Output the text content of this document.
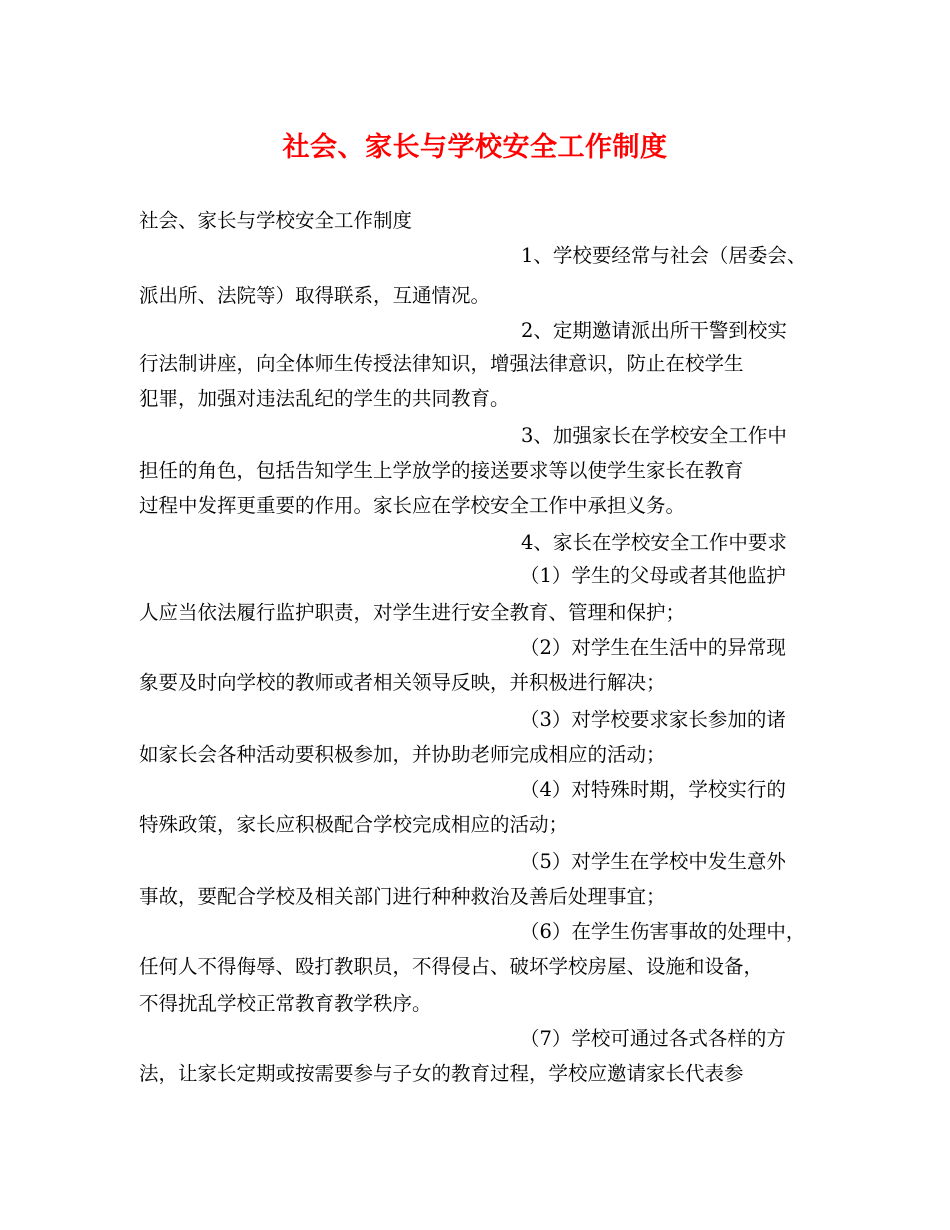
社会、家长与学校安全工作制度
社会、家长与学校安全工作制度
1、学校要经常与社会（居委会、
派出所、法院等）取得联系，互通情况。
2、定期邀请派出所干警到校实
行法制讲座，向全体师生传授法律知识，增强法律意识，防止在校学生
犯罪，加强对违法乱纪的学生的共同教育。
3、加强家长在学校安全工作中
担任的角色，包括告知学生上学放学的接送要求等以使学生家长在教育
过程中发挥更重要的作用。家长应在学校安全工作中承担义务。
4、家长在学校安全工作中要求
（1）学生的父母或者其他监护
人应当依法履行监护职责，对学生进行安全教育、管理和保护；
（2）对学生在生活中的异常现
象要及时向学校的教师或者相关领导反映，并积极进行解决；
（3）对学校要求家长参加的诸
如家长会各种活动要积极参加，并协助老师完成相应的活动；
（4）对特殊时期，学校实行的
特殊政策，家长应积极配合学校完成相应的活动；
（5）对学生在学校中发生意外
事故，要配合学校及相关部门进行种种救治及善后处理事宜；
（6）在学生伤害事故的处理中，
任何人不得侮辱、殴打教职员，不得侵占、破坏学校房屋、设施和设备，
不得扰乱学校正常教育教学秩序。
（7）学校可通过各式各样的方
法，让家长定期或按需要参与子女的教育过程，学校应邀请家长代表参
